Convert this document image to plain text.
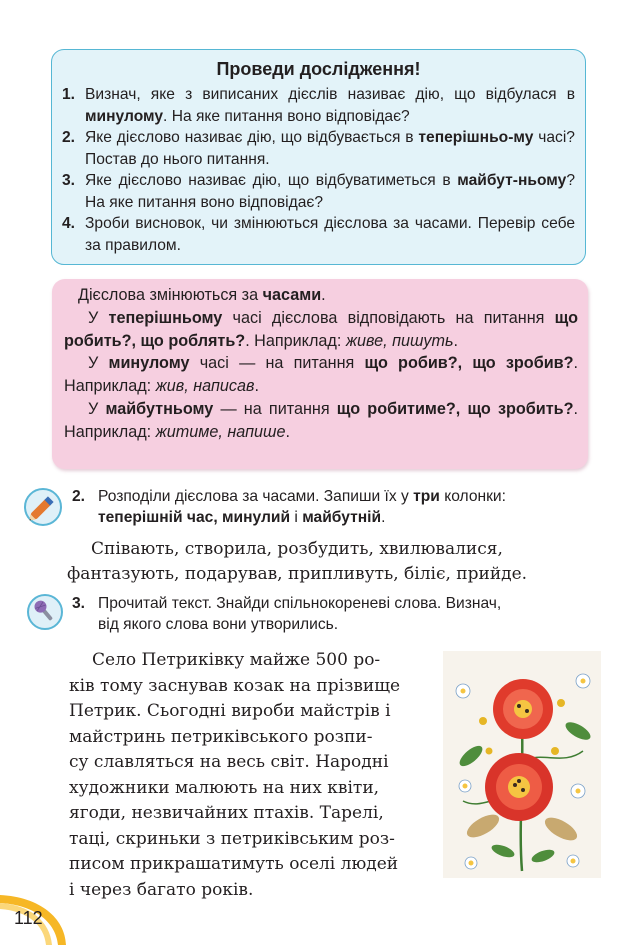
Проведи дослідження!
1. Визнач, яке з виписаних дієслів називає дію, що відбулася в минулому. На яке питання воно відповідає?
2. Яке дієслово називає дію, що відбувається в теперішньо-му часі? Постав до нього питання.
3. Яке дієслово називає дію, що відбуватиметься в майбут-ньому? На яке питання воно відповідає?
4. Зроби висновок, чи змінюються дієслова за часами. Перевір себе за правилом.

Дієслова змінюються за часами.

У теперішньому часі дієслова відповідають на питання що робить?, що роблять?. Наприклад: живе, пишуть.

У минулому часі — на питання що робив?, що зробив?. Наприклад: жив, написав.

У майбутньому — на питання що робитиме?, що зробить?. Наприклад: житиме, напише.

2. Розподіли дієслова за часами. Запиши їх у три колонки:
теперішній час, минулий і майбутній.
Співають, створила, розбудить, хвилювалися,
фантазують, подарував, припливуть, біліє, прийде.
3. Прочитай текст. Знайди спільнокореневі слова. Визнач,
від якого слова вони утворились.
Село Петриківку майже 500 ро-
ків тому заснував козак на прізвище
Петрик. Сьогодні вироби майстрів і
майстринь петриківського розпи-
су славляться на весь світ. Народні
художники малюють на них квіти,
ягоди, незвичайних птахів. Тарелі,
таці, скриньки з петриківським роз-
писом прикрашатимуть оселі людей
і через багато років.
112
